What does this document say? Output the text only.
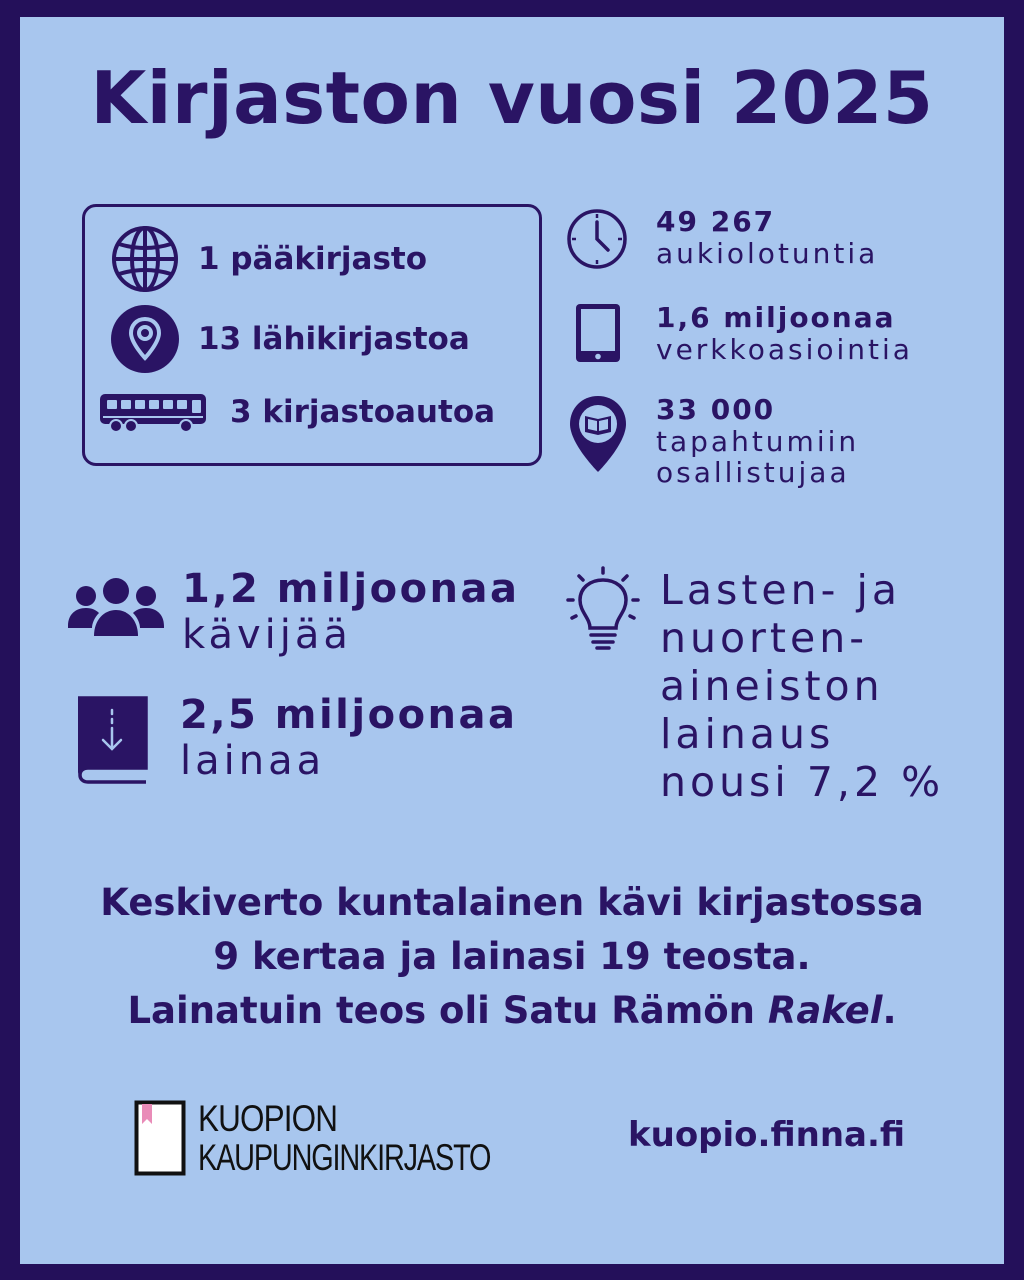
Kirjaston vuosi 2025
1 pääkirjasto
13 lähikirjastoa
3 kirjastoautoa
49 267
aukiolotuntia
1,6 miljoonaa
verkkoasiointia
33 000
tapahtumiin
osallistujaa
1,2 miljoonaa
kävijää
2,5 miljoonaa
lainaa
Lasten- ja
nuorten-
aineiston
lainaus
nousi 7,2 %
Keskiverto kuntalainen kävi kirjastossa
9 kertaa ja lainasi 19 teosta.
Lainatuin teos oli Satu Rämön Rakel.
KUOPION
KAUPUNGINKIRJASTO
kuopio.finna.fi
